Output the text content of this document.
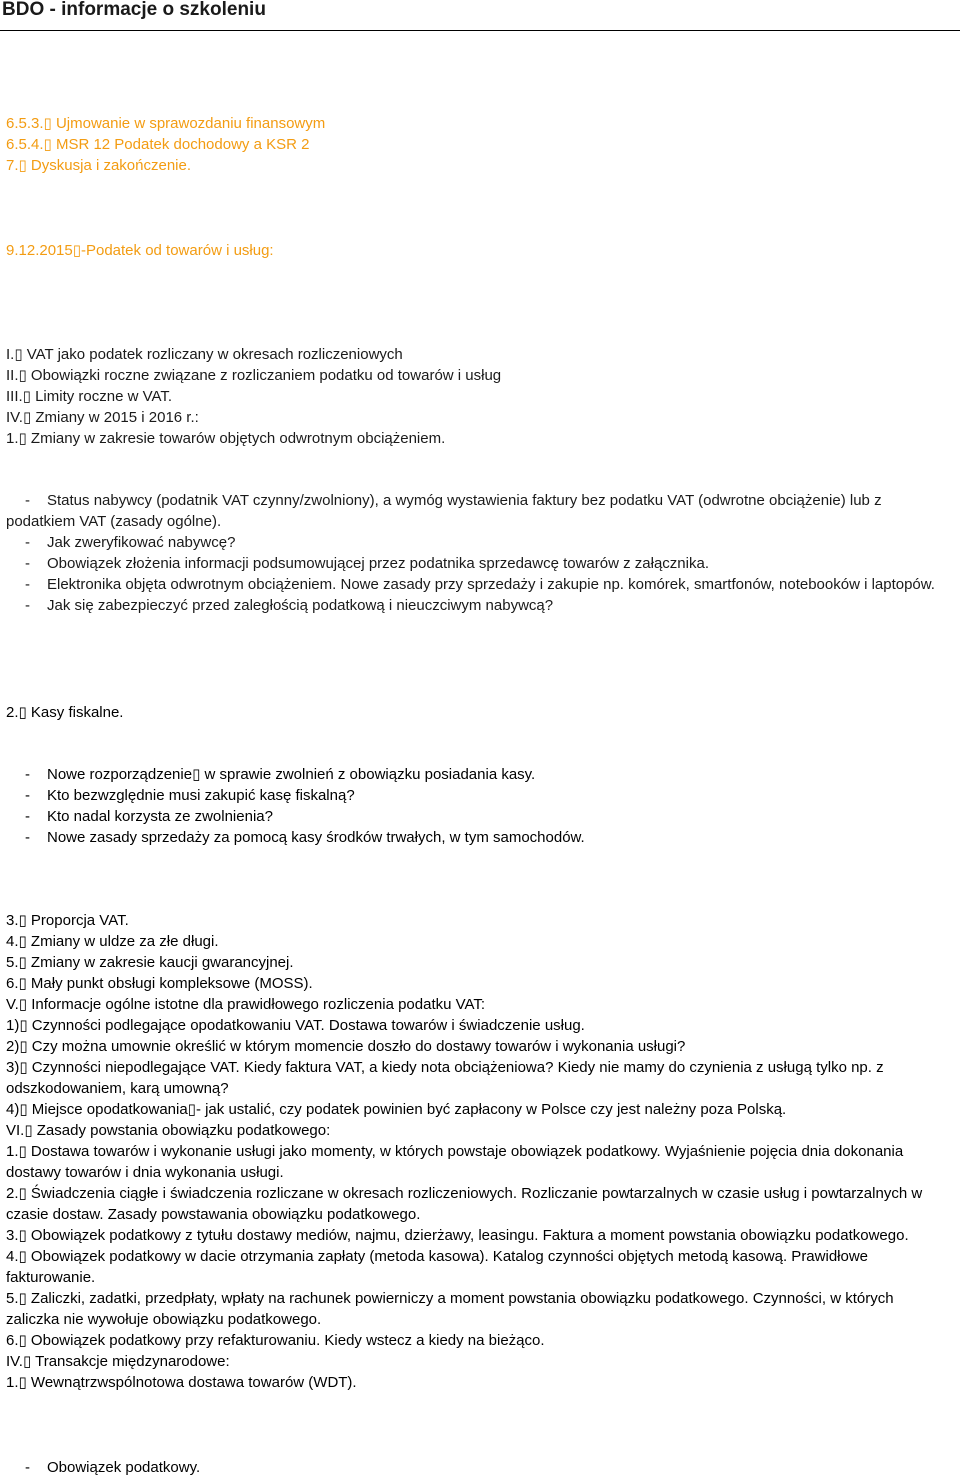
BDO - informacje o szkoleniu
6.5.3.▯ Ujmowanie w sprawozdaniu finansowym
6.5.4.▯ MSR 12 Podatek dochodowy a KSR 2
7.▯ Dyskusja i zakończenie.
9.12.2015▯-Podatek od towarów i usług:
I.▯ VAT jako podatek rozliczany w okresach rozliczeniowych
II.▯ Obowiązki roczne związane z rozliczaniem podatku od towarów i usług
III.▯ Limity roczne w VAT.
IV.▯ Zmiany w 2015 i 2016 r.:
1.▯ Zmiany w zakresie towarów objętych odwrotnym obciążeniem.
- Status nabywcy (podatnik VAT czynny/zwolniony), a wymóg wystawienia faktury bez podatku VAT (odwrotne obciążenie) lub z podatkiem VAT (zasady ogólne).
- Jak zweryfikować nabywcę?
- Obowiązek złożenia informacji podsumowującej przez podatnika sprzedawcę towarów z załącznika.
- Elektronika objęta odwrotnym obciążeniem. Nowe zasady przy sprzedaży i zakupie np. komórek, smartfonów, notebooków i laptopów.
- Jak się zabezpieczyć przed zaległością podatkową i nieuczciwym nabywcą?
2.▯ Kasy fiskalne.
- Nowe rozporządzenie▯ w sprawie zwolnień z obowiązku posiadania kasy.
- Kto bezwzględnie musi zakupić kasę fiskalną?
- Kto nadal korzysta ze zwolnienia?
- Nowe zasady sprzedaży za pomocą kasy środków trwałych, w tym samochodów.
3.▯ Proporcja VAT.
4.▯ Zmiany w uldze za złe długi.
5.▯ Zmiany w zakresie kaucji gwarancyjnej.
6.▯ Mały punkt obsługi kompleksowe (MOSS).
V.▯ Informacje ogólne istotne dla prawidłowego rozliczenia podatku VAT:
1)▯ Czynności podlegające opodatkowaniu VAT. Dostawa towarów i świadczenie usług.
2)▯ Czy można umownie określić w którym momencie doszło do dostawy towarów i wykonania usługi?
3)▯ Czynności niepodlegające VAT. Kiedy faktura VAT, a kiedy nota obciążeniowa? Kiedy nie mamy do czynienia z usługą tylko np. z odszkodowaniem, karą umowną?
4)▯ Miejsce opodatkowania▯- jak ustalić, czy podatek powinien być zapłacony w Polsce czy jest należny poza Polską.
VI.▯ Zasady powstania obowiązku podatkowego:
1.▯ Dostawa towarów i wykonanie usługi jako momenty, w których powstaje obowiązek podatkowy. Wyjaśnienie pojęcia dnia dokonania dostawy towarów i dnia wykonania usługi.
2.▯ Świadczenia ciągłe i świadczenia rozliczane w okresach rozliczeniowych. Rozliczanie powtarzalnych w czasie usług i powtarzalnych w czasie dostaw. Zasady powstawania obowiązku podatkowego.
3.▯ Obowiązek podatkowy z tytułu dostawy mediów, najmu, dzierżawy, leasingu. Faktura a moment powstania obowiązku podatkowego.
4.▯ Obowiązek podatkowy w dacie otrzymania zapłaty (metoda kasowa). Katalog czynności objętych metodą kasową. Prawidłowe fakturowanie.
5.▯ Zaliczki, zadatki, przedpłaty, wpłaty na rachunek powierniczy a moment powstania obowiązku podatkowego. Czynności, w których zaliczka nie wywołuje obowiązku podatkowego.
6.▯ Obowiązek podatkowy przy refakturowaniu. Kiedy wstecz a kiedy na bieżąco.
IV.▯ Transakcje międzynarodowe:
1.▯ Wewnątrzwspólnotowa dostawa towarów (WDT).
- Obowiązek podatkowy.
